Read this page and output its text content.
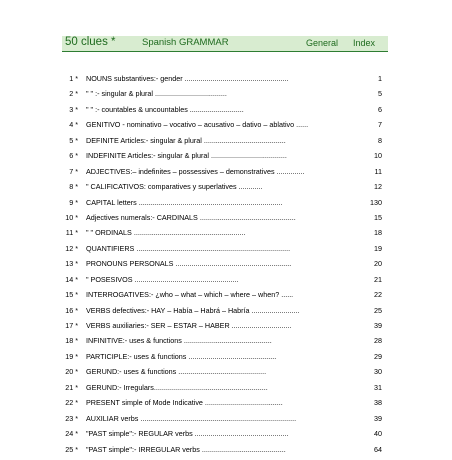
50 clues *	Spanish GRAMMAR	General Index
1 * NOUNS substantives:- gender ....................................................	1
2 * " " :- singular & plural ....................................	5
3 * " " :- countables & uncountables ...........................	6
4 * GENITIVO - nominativo – vocativo – acusativo – dativo – ablativo ......	7
5 * DEFINITE Articles:- singular & plural .........................................	8
6 * INDEFINITE Articles:- singular & plural ......................................	10
7 * ADJECTIVES:– indefinites – possessives – demonstratives ..............	11
8 * " CALIFICATIVOS: comparatives y superlatives ............	12
9 * CAPITAL letters ........................................................................	130
10 * Adjectives numerals:- CARDINALS ................................................	15
11 * " " ORDINALS ........................................................	18
12 * QUANTIFIERS .............................................................................	19
13 * PRONOUNS PERSONALS ..........................................................	20
14 * " POSESIVOS ....................................................	21
15 * INTERROGATIVES:- ¿who – what – which – where – when? ......	22
16 * VERBS defectives:- HAY – Había – Habrá – Habría ........................	25
17 * VERBS auxiliaries:- SER – ESTAR – HABER ..............................	39
18 * INFINITIVE:- uses & functions ............................................	28
19 * PARTICIPLE:- uses & functions ............................................	29
20 * GERUND:- uses & functions ............................................	30
21 * GERUND:- Irregulars.........................................................	31
22 * PRESENT simple of Mode Indicative .......................................	38
23 * AUXILIAR verbs ..............................................................................	39
24 * "PAST simple":- REGULAR verbs ...............................................	40
25 * "PAST simple":- IRREGULAR verbs ..........................................	64
